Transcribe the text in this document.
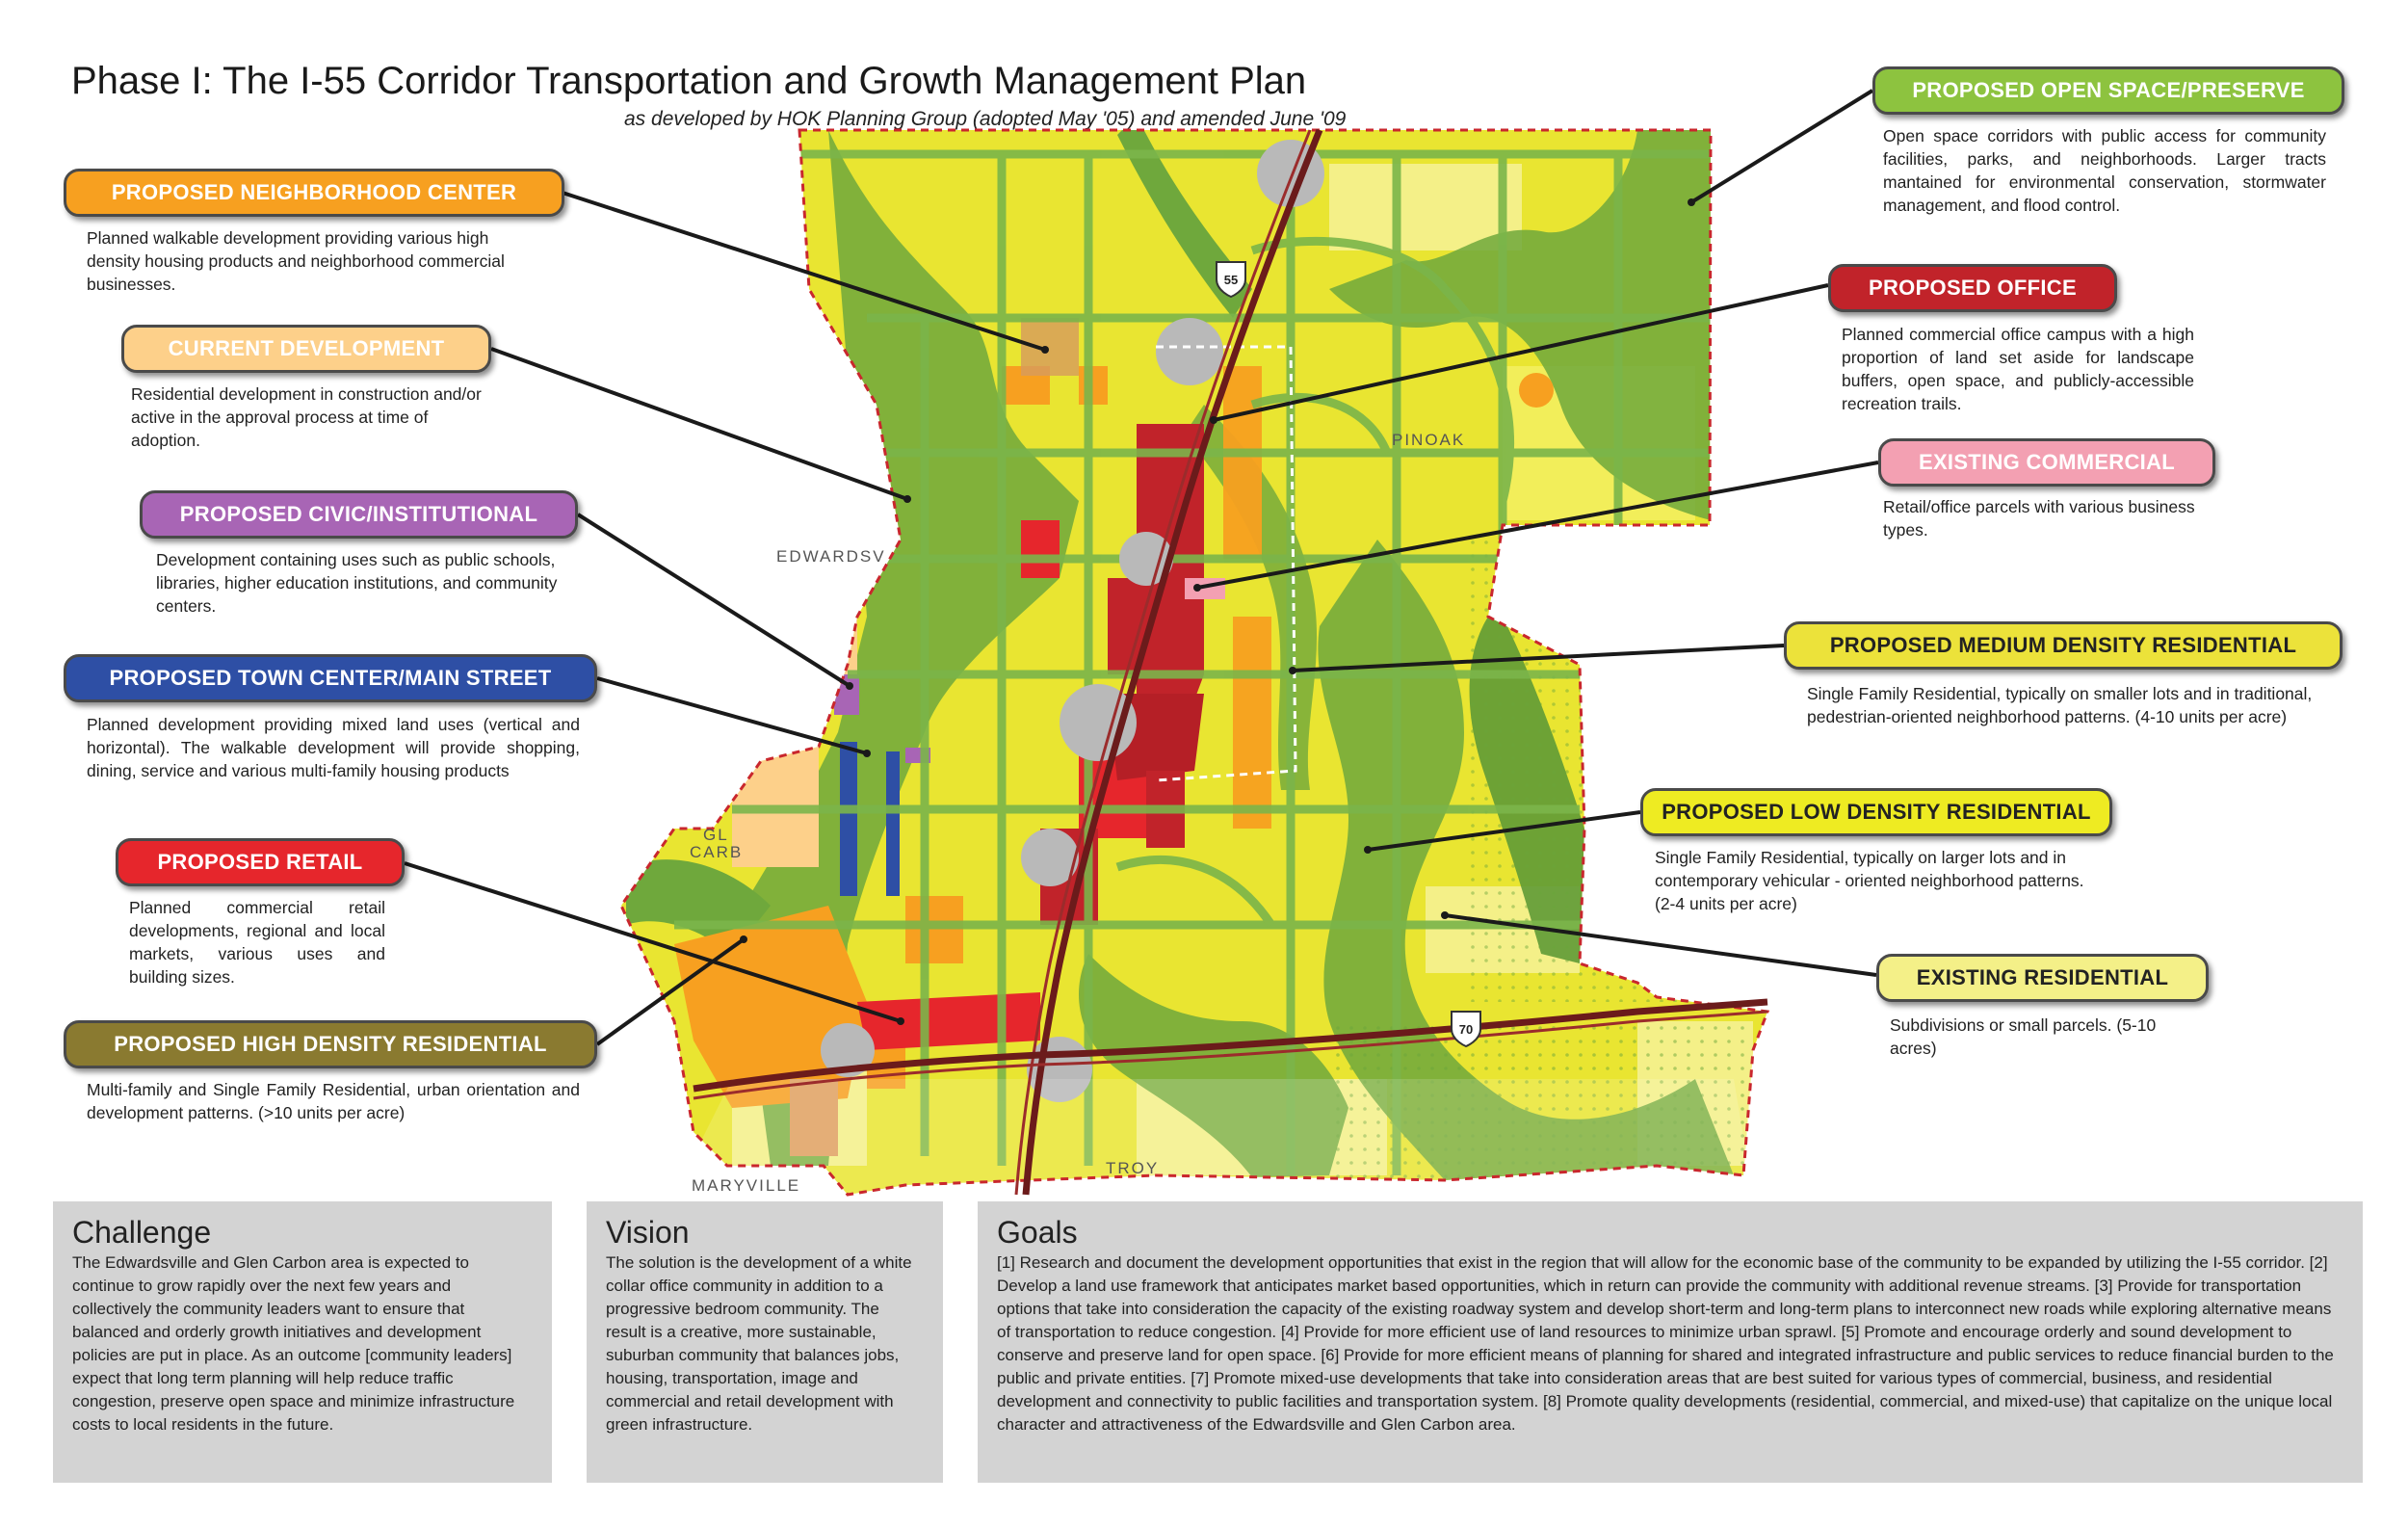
Phase I: The I-55 Corridor Transportation and Growth Management Plan
as developed by HOK Planning Group (adopted May '05) and amended June '09
55
70
PINOAK
EDWARDSV
GL
CARB
MARYVILLE
TROY
PROPOSED NEIGHBORHOOD CENTER
Planned walkable development providing various high density housing products and neighborhood commercial businesses.
CURRENT DEVELOPMENT
Residential development in construction and/or active in the approval process at time of adoption.
PROPOSED CIVIC/INSTITUTIONAL
Development containing uses such as public schools, libraries, higher education institutions, and community centers.
PROPOSED TOWN CENTER/MAIN STREET
Planned development providing mixed land uses (vertical and horizontal). The walkable development will provide shopping, dining, service and various multi-family housing products
PROPOSED RETAIL
Planned commercial retail developments, regional and local markets, various uses and building sizes.
PROPOSED HIGH DENSITY RESIDENTIAL
Multi-family and Single Family Residential, urban orientation and development patterns. (>10 units per acre)
PROPOSED OPEN SPACE/PRESERVE
Open space corridors with public access for community facilities, parks, and neighborhoods. Larger tracts mantained for environmental conservation, stormwater management, and flood control.
PROPOSED OFFICE
Planned commercial office campus with a high proportion of land set aside for landscape buffers, open space, and publicly-accessible recreation trails.
EXISTING COMMERCIAL
Retail/office parcels with various business types.
PROPOSED MEDIUM DENSITY RESIDENTIAL
Single Family Residential, typically on smaller lots and in traditional, pedestrian-oriented neighborhood patterns. (4-10 units per acre)
PROPOSED LOW DENSITY RESIDENTIAL
Single Family Residential, typically on larger lots and in contemporary vehicular - oriented neighborhood patterns. (2-4 units per acre)
EXISTING RESIDENTIAL
Subdivisions or small parcels. (5-10 acres)
Challenge

The Edwardsville and Glen Carbon area is expected to continue to grow rapidly over the next few years and collectively the community leaders want to ensure that balanced and orderly growth initiatives and development policies are put in place. As an outcome [community leaders] expect that long term planning will help reduce traffic congestion, preserve open space and minimize infrastructure costs to local residents in the future.

Vision

The solution is the development of a white collar office community in addition to a progressive bedroom community. The result is a creative, more sustainable, suburban community that balances jobs, housing, transportation, image and commercial and retail development with green infrastructure.

Goals

[1] Research and document the development opportunities that exist in the region that will allow for the economic base of the community to be expanded by utilizing the I-55 corridor. [2] Develop a land use framework that anticipates market based opportunities, which in return can provide the community with additional revenue streams. [3] Provide for transportation options that take into consideration the capacity of the existing roadway system and develop short-term and long-term plans to interconnect new roads while exploring alternative means of transportation to reduce congestion. [4] Provide for more efficient use of land resources to minimize urban sprawl. [5] Promote and encourage orderly and sound development to conserve and preserve land for open space. [6] Provide for more efficient means of planning for shared and integrated infrastructure and public services to reduce financial burden to the public and private entities. [7] Promote mixed-use developments that take into consideration areas that are best suited for various types of commercial, business, and residential development and connectivity to public facilities and transportation system. [8] Promote quality developments (residential, commercial, and mixed-use) that capitalize on the unique local character and attractiveness of the Edwardsville and Glen Carbon area.
